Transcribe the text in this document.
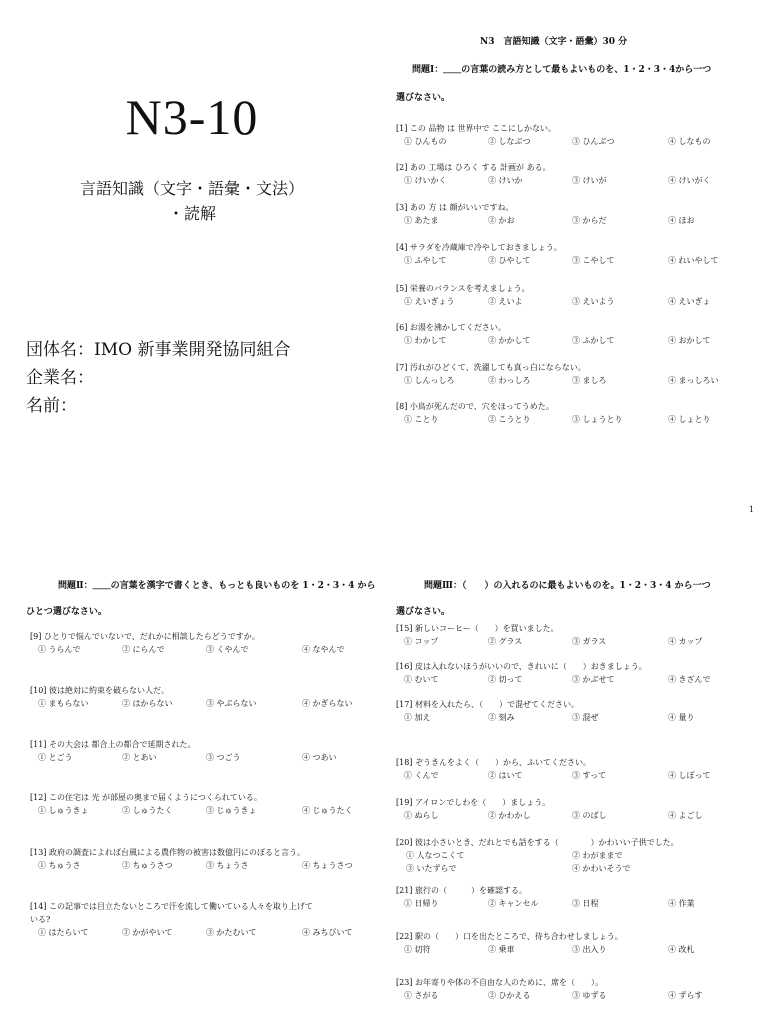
N3-10
言語知識（文字・語彙・文法）
・読解
団体名：IMO 新事業開発協同組合
企業名：
名前：
N3　言語知識（文字・語彙）30 分
問題Ⅰ：＿＿の言葉の読み方として最もよいものを、1・2・3・4から一つ
選びなさい。
[1] この 品物 は 世界中で ここにしかない。
① ひんもの	② しなぶつ	③ ひんぶつ	④ しなもの
[2] あの 工場は ひろく する 計画が ある。
① けいかく	② けいか	③ けいが	④ けいがく
[3] あの 方 は 顔がいいですね。
① あたま	② かお	③ からだ	④ ほお
[4] サラダを冷蔵庫で冷やしておきましょう。
① ふやして	② ひやして	③ こやして	④ れいやして
[5] 栄養のバランスを考えましょう。
① えいぎょう	② えいよ	③ えいよう	④ えいぎょ
[6] お湯を沸かしてください。
① わかして	② かかして	③ ふかして	④ おかして
[7] 汚れがひどくて、洗濯しても真っ白にならない。
① しんっしろ	② わっしろ	③ ましろ	④ まっしろい
[8] 小鳥が死んだので、穴をほってうめた。
① ことり	② こうとり	③ しょうとり	④ しょとり
1
問題Ⅱ：＿＿の言葉を漢字で書くとき、もっとも良いものを 1・2・3・4 から
ひとつ選びなさい。
[9] ひとりで悩んでいないで、だれかに相談したらどうですか。
① うらんで	② にらんで	③ くやんで	④ なやんで
[10] 彼は絶対に約束を破らない人だ。
① まもらない	② はからない	③ やぶらない	④ かぎらない
[11] その大会は 都合上の都合で延期された。
① とごう	② とあい	③ つごう	④ つあい
[12] この住宅は 光 が部屋の奥まで届くようにつくられている。
① しゅうきょ	② しゅうたく	③ じゅうきょ	④ じゅうたく
[13] 政府の調査によれば台風による農作物の被害は数億円にのぼると言う。
① ちゅうさ	② ちゅうさつ	③ ちょうさ	④ ちょうさつ
[14] この記事では目立たないところで汗を流して働いている人々を取り上げて
いる?
① はたらいて	② かがやいて	③ かたむいて	④ みちびいて
問題Ⅲ：（　　）の入れるのに最もよいものを。1・2・3・4 から一つ
選びなさい。
[15] 新しいコーヒー（　　）を買いました。
① コップ	② グラス	③ ガラス	④ カップ
[16] 皮は入れないほうがいいので、きれいに（　　）おきましょう。
① むいて	② 切って	③ かぶせて	④ きざんで
[17] 材料を入れたら、（　　）で混ぜてください。
① 加え	② 刻み	③ 混ぜ	④ 量り
[18] ぞうきんをよく（　　）から、ふいてください。
① くんで	② はいて	③ すって	④ しぼって
[19] アイロンでしわを（　　）ましょう。
① ぬらし	② かわかし	③ のばし	④ よごし
[20] 彼は小さいとき、だれとでも話をする（　　　　）かわいい子供でした。
① 人なつこくて	② わがままで
③ いたずらで	④ かわいそうで
[21] 旅行の（　　　）を確認する。
① 日帰り	② キャンセル	③ 日程	④ 作業
[22] 駅の（　　）口を出たところで、待ち合わせしましょう。
① 切符	② 乗車	③ 出入り	④ 改札
[23] お年寄りや体の不自由な人のために、席を（　　）。
① さがる	② ひかえる	③ ゆずる	④ ずらす
